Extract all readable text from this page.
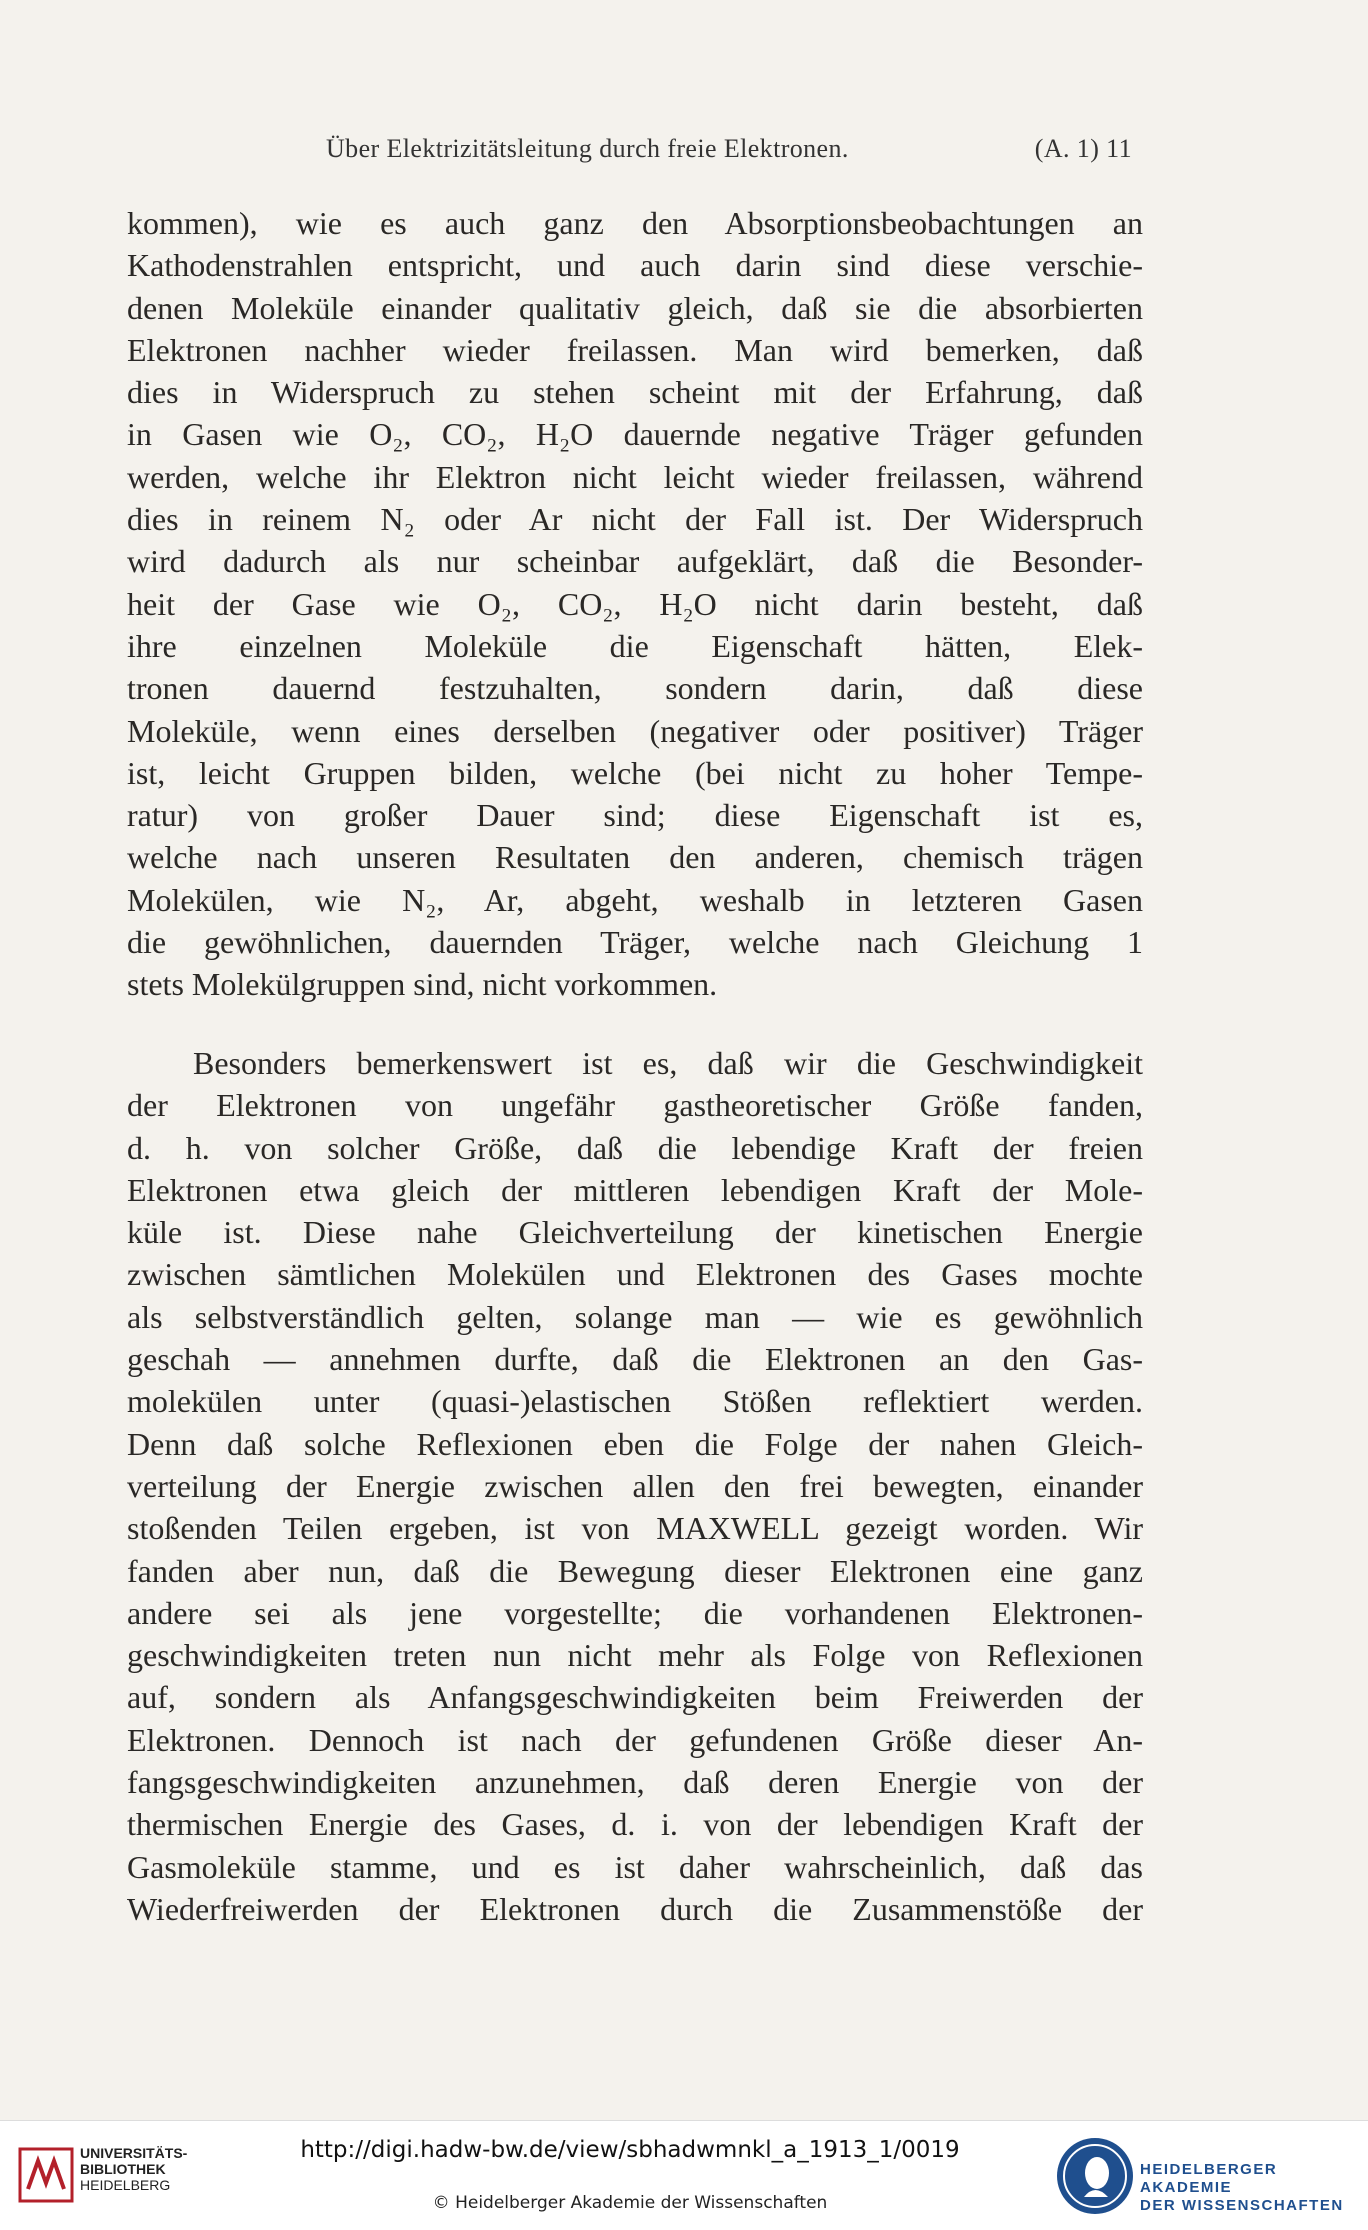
Über Elektrizitätsleitung durch freie Elektronen.	(A. 1) 11
kommen), wie es auch ganz den Absorptionsbeobachtungen an
Kathodenstrahlen entspricht, und auch darin sind diese verschie-
denen Moleküle einander qualitativ gleich, daß sie die absorbierten
Elektronen nachher wieder freilassen. Man wird bemerken, daß
dies in Widerspruch zu stehen scheint mit der Erfahrung, daß
in Gasen wie O₂, CO₂, H₂O dauernde negative Träger gefunden
werden, welche ihr Elektron nicht leicht wieder freilassen, während
dies in reinem N₂ oder Ar nicht der Fall ist. Der Widerspruch
wird dadurch als nur scheinbar aufgeklärt, daß die Besonder-
heit der Gase wie O₂, CO₂, H₂O nicht darin besteht, daß
ihre einzelnen Moleküle die Eigenschaft hätten, Elek-
tronen dauernd festzuhalten, sondern darin, daß diese
Moleküle, wenn eines derselben (negativer oder positiver) Träger
ist, leicht Gruppen bilden, welche (bei nicht zu hoher Tempe-
ratur) von großer Dauer sind; diese Eigenschaft ist es,
welche nach unseren Resultaten den anderen, chemisch trägen
Molekülen, wie N₂, Ar, abgeht, weshalb in letzteren Gasen
die gewöhnlichen, dauernden Träger, welche nach Gleichung 1
stets Molekülgruppen sind, nicht vorkommen.
Besonders bemerkenswert ist es, daß wir die Geschwindigkeit
der Elektronen von ungefähr gastheoretischer Größe fanden,
d. h. von solcher Größe, daß die lebendige Kraft der freien
Elektronen etwa gleich der mittleren lebendigen Kraft der Mole-
küle ist. Diese nahe Gleichverteilung der kinetischen Energie
zwischen sämtlichen Molekülen und Elektronen des Gases mochte
als selbstverständlich gelten, solange man — wie es gewöhnlich
geschah — annehmen durfte, daß die Elektronen an den Gas-
molekülen unter (quasi-)elastischen Stößen reflektiert werden.
Denn daß solche Reflexionen eben die Folge der nahen Gleich-
verteilung der Energie zwischen allen den frei bewegten, einander
stoßenden Teilen ergeben, ist von MAXWELL gezeigt worden. Wir
fanden aber nun, daß die Bewegung dieser Elektronen eine ganz
andere sei als jene vorgestellte; die vorhandenen Elektronen-
geschwindigkeiten treten nun nicht mehr als Folge von Reflexionen
auf, sondern als Anfangsgeschwindigkeiten beim Freiwerden der
Elektronen. Dennoch ist nach der gefundenen Größe dieser An-
fangsgeschwindigkeiten anzunehmen, daß deren Energie von der
thermischen Energie des Gases, d. i. von der lebendigen Kraft der
Gasmoleküle stamme, und es ist daher wahrscheinlich, daß das
Wiederfreiwerden der Elektronen durch die Zusammenstöße der
UNIVERSITÄTS-
BIBLIOTHEK
HEIDELBERG
http://digi.hadw-bw.de/view/sbhadwmnkl_a_1913_1/0019
© Heidelberger Akademie der Wissenschaften
HEIDELBERGER AKADEMIE
DER WISSENSCHAFTEN
